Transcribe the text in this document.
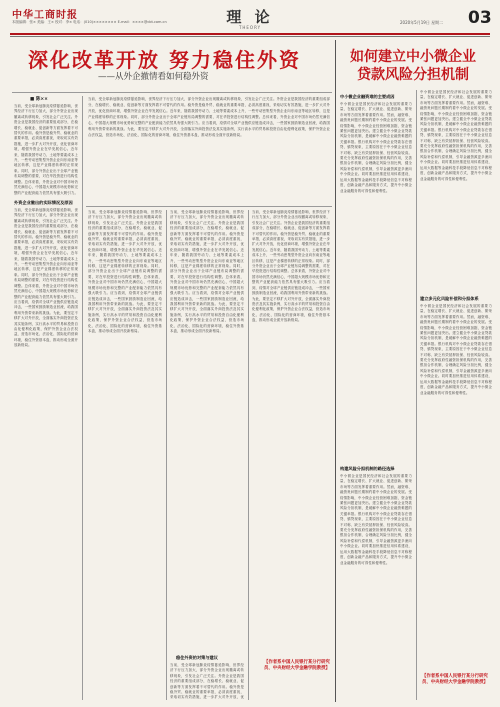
中华工商时报
本版编辑：张× 美编：王× 校对：李× 电话：(010)×××××××× E-mail：××××@cbt.com.cn	理 论
THEORY
2020年5月19日 星期二 03
深化改革开放 努力稳住外资
——从外企撤情看如何稳外资
■ 陈××
当前，受全球新冠肺炎疫情蔓延影响，世界经济下行压力加大，部分外资企业出现撤离或转移现象，引发社会广泛关注。外资企业是我国经济的重要组成部分，在稳增长、稳就业、促创新等方面发挥着不可替代的作用。稳外资是稳外贸、稳就业的重要举措，必须高度重视，采取切实有效措施，进一步扩大对外开放，优化营商环境，增强外资企业在华发展信心。近年来，随着我国劳动力、土地等要素成本上升，一些劳动密集型外资企业向东南亚等地区转移，这是产业梯度转移的正常现象。同时，部分外资企业出于全球产业链布局调整的需要，对在华投资进行结构性调整。总体来看，外资企业对中国市场仍然充满信心，中国超大规模市场优势和完整的产业配套能力依然具有强大吸引力。
外资企业撤出的实际情况及原因
当前，受全球新冠肺炎疫情蔓延影响，世界经济下行压力加大，部分外资企业出现撤离或转移现象，引发社会广泛关注。外资企业是我国经济的重要组成部分，在稳增长、稳就业、促创新等方面发挥着不可替代的作用。稳外资是稳外贸、稳就业的重要举措，必须高度重视，采取切实有效措施，进一步扩大对外开放，优化营商环境，增强外资企业在华发展信心。近年来，随着我国劳动力、土地等要素成本上升，一些劳动密集型外资企业向东南亚等地区转移，这是产业梯度转移的正常现象。同时，部分外资企业出于全球产业链布局调整的需要，对在华投资进行结构性调整。总体来看，外资企业对中国市场仍然充满信心，中国超大规模市场优势和完整的产业配套能力依然具有强大吸引力。应当看到，疫情对全球产业链供应链造成冲击，一些国家鼓励制造业回流，给我国利用外资带来新的挑战。为此，要坚定不移扩大对外开放，全面落实外商投资法及其实施条例，实行高水平的贸易和投资自由化便利化政策，保护外资企业合法权益，营造市场化、法治化、国际化的营商环境，稳住外资基本盘，推动形成全面开放新格局。
当前，受全球新冠肺炎疫情蔓延影响，世界经济下行压力加大，部分外资企业出现撤离或转移现象，引发社会广泛关注。外资企业是我国经济的重要组成部分，在稳增长、稳就业、促创新等方面发挥着不可替代的作用。稳外资是稳外贸、稳就业的重要举措，必须高度重视，采取切实有效措施，进一步扩大对外开放，优化营商环境，增强外资企业在华发展信心。近年来，随着我国劳动力、土地等要素成本上升，一些劳动密集型外资企业向东南亚等地区转移，这是产业梯度转移的正常现象。同时，部分外资企业出于全球产业链布局调整的需要，对在华投资进行结构性调整。总体来看，外资企业对中国市场仍然充满信心，中国超大规模市场优势和完整的产业配套能力依然具有强大吸引力。应当看到，疫情对全球产业链供应链造成冲击，一些国家鼓励制造业回流，给我国利用外资带来新的挑战。为此，要坚定不移扩大对外开放，全面落实外商投资法及其实施条例，实行高水平的贸易和投资自由化便利化政策，保护外资企业合法权益，营造市场化、法治化、国际化的营商环境，稳住外资基本盘，推动形成全面开放新格局。
当前，受全球新冠肺炎疫情蔓延影响，世界经济下行压力加大，部分外资企业出现撤离或转移现象，引发社会广泛关注。外资企业是我国经济的重要组成部分，在稳增长、稳就业、促创新等方面发挥着不可替代的作用。稳外资是稳外贸、稳就业的重要举措，必须高度重视，采取切实有效措施，进一步扩大对外开放，优化营商环境，增强外资企业在华发展信心。近年来，随着我国劳动力、土地等要素成本上升，一些劳动密集型外资企业向东南亚等地区转移，这是产业梯度转移的正常现象。同时，部分外资企业出于全球产业链布局调整的需要，对在华投资进行结构性调整。总体来看，外资企业对中国市场仍然充满信心，中国超大规模市场优势和完整的产业配套能力依然具有强大吸引力。应当看到，疫情对全球产业链供应链造成冲击，一些国家鼓励制造业回流，给我国利用外资带来新的挑战。为此，要坚定不移扩大对外开放，全面落实外商投资法及其实施条例，实行高水平的贸易和投资自由化便利化政策，保护外资企业合法权益，营造市场化、法治化、国际化的营商环境，稳住外资基本盘，推动形成全面开放新格局。
当前，受全球新冠肺炎疫情蔓延影响，世界经济下行压力加大，部分外资企业出现撤离或转移现象，引发社会广泛关注。外资企业是我国经济的重要组成部分，在稳增长、稳就业、促创新等方面发挥着不可替代的作用。稳外资是稳外贸、稳就业的重要举措，必须高度重视，采取切实有效措施，进一步扩大对外开放，优化营商环境，增强外资企业在华发展信心。近年来，随着我国劳动力、土地等要素成本上升，一些劳动密集型外资企业向东南亚等地区转移，这是产业梯度转移的正常现象。同时，部分外资企业出于全球产业链布局调整的需要，对在华投资进行结构性调整。总体来看，外资企业对中国市场仍然充满信心，中国超大规模市场优势和完整的产业配套能力依然具有强大吸引力。应当看到，疫情对全球产业链供应链造成冲击，一些国家鼓励制造业回流，给我国利用外资带来新的挑战。为此，要坚定不移扩大对外开放，全面落实外商投资法及其实施条例，实行高水平的贸易和投资自由化便利化政策，保护外资企业合法权益，营造市场化、法治化、国际化的营商环境，稳住外资基本盘，推动形成全面开放新格局。
稳住外资的对策与建议
当前，受全球新冠肺炎疫情蔓延影响，世界经济下行压力加大，部分外资企业出现撤离或转移现象，引发社会广泛关注。外资企业是我国经济的重要组成部分，在稳增长、稳就业、促创新等方面发挥着不可替代的作用。稳外资是稳外贸、稳就业的重要举措，必须高度重视，采取切实有效措施，进一步扩大对外开放，优
当前，受全球新冠肺炎疫情蔓延影响，世界经济下行压力加大，部分外资企业出现撤离或转移现象，引发社会广泛关注。外资企业是我国经济的重要组成部分，在稳增长、稳就业、促创新等方面发挥着不可替代的作用。稳外资是稳外贸、稳就业的重要举措，必须高度重视，采取切实有效措施，进一步扩大对外开放，优化营商环境，增强外资企业在华发展信心。近年来，随着我国劳动力、土地等要素成本上升，一些劳动密集型外资企业向东南亚等地区转移，这是产业梯度转移的正常现象。同时，部分外资企业出于全球产业链布局调整的需要，对在华投资进行结构性调整。总体来看，外资企业对中国市场仍然充满信心，中国超大规模市场优势和完整的产业配套能力依然具有强大吸引力。应当看到，疫情对全球产业链供应链造成冲击，一些国家鼓励制造业回流，给我国利用外资带来新的挑战。为此，要坚定不移扩大对外开放，全面落实外商投资法及其实施条例，实行高水平的贸易和投资自由化便利化政策，保护外资企业合法权益，营造市场化、法治化、国际化的营商环境，稳住外资基本盘，推动形成全面开放新格局。
如何建立中小微企业贷款风险分担机制
中小微企业融资难的主要成因
中小微企业是国民经济和社会发展的重要力量，在稳定增长、扩大就业、促进创新、繁荣市场等方面发挥着重要作用。然而，融资难、融资贵问题长期制约着中小微企业的发展。受疫情影响，中小微企业经营困难加剧，资金链紧张问题更加突出。建立健全中小微企业贷款风险分担机制，是破解中小微企业融资难题的关键举措。银行机构对中小微企业贷款存在惜贷、慎贷现象，主要原因在于中小微企业信息不对称、缺乏有效抵押担保、经营风险较高。要充分发挥政府性融资担保机构的作用，完善银担合作机制，合理确定风险分担比例，健全风险补偿和代偿机制，引导金融资源更多流向中小微企业。同时要加快推进信用体系建设，运用大数据等金融科技手段降低信息不对称程度，创新金融产品和服务方式，提升中小微企业金融服务的可得性和便利性。
构建风险分担机制的路径选择
中小微企业是国民经济和社会发展的重要力量，在稳定增长、扩大就业、促进创新、繁荣市场等方面发挥着重要作用。然而，融资难、融资贵问题长期制约着中小微企业的发展。受疫情影响，中小微企业经营困难加剧，资金链紧张问题更加突出。建立健全中小微企业贷款风险分担机制，是破解中小微企业融资难题的关键举措。银行机构对中小微企业贷款存在惜贷、慎贷现象，主要原因在于中小微企业信息不对称、缺乏有效抵押担保、经营风险较高。要充分发挥政府性融资担保机构的作用，完善银担合作机制，合理确定风险分担比例，健全风险补偿和代偿机制，引导金融资源更多流向中小微企业。同时要加快推进信用体系建设，运用大数据等金融科技手段降低信息不对称程度，创新金融产品和服务方式，提升中小微企业金融服务的可得性和便利性。
中小微企业是国民经济和社会发展的重要力量，在稳定增长、扩大就业、促进创新、繁荣市场等方面发挥着重要作用。然而，融资难、融资贵问题长期制约着中小微企业的发展。受疫情影响，中小微企业经营困难加剧，资金链紧张问题更加突出。建立健全中小微企业贷款风险分担机制，是破解中小微企业融资难题的关键举措。银行机构对中小微企业贷款存在惜贷、慎贷现象，主要原因在于中小微企业信息不对称、缺乏有效抵押担保、经营风险较高。要充分发挥政府性融资担保机构的作用，完善银担合作机制，合理确定风险分担比例，健全风险补偿和代偿机制，引导金融资源更多流向中小微企业。同时要加快推进信用体系建设，运用大数据等金融科技手段降低信息不对称程度，创新金融产品和服务方式，提升中小微企业金融服务的可得性和便利性。
建立多元化风险补偿和分担体系
中小微企业是国民经济和社会发展的重要力量，在稳定增长、扩大就业、促进创新、繁荣市场等方面发挥着重要作用。然而，融资难、融资贵问题长期制约着中小微企业的发展。受疫情影响，中小微企业经营困难加剧，资金链紧张问题更加突出。建立健全中小微企业贷款风险分担机制，是破解中小微企业融资难题的关键举措。银行机构对中小微企业贷款存在惜贷、慎贷现象，主要原因在于中小微企业信息不对称、缺乏有效抵押担保、经营风险较高。要充分发挥政府性融资担保机构的作用，完善银担合作机制，合理确定风险分担比例，健全风险补偿和代偿机制，引导金融资源更多流向中小微企业。同时要加快推进信用体系建设，运用大数据等金融科技手段降低信息不对称程度，创新金融产品和服务方式，提升中小微企业金融服务的可得性和便利性。
【作者系中国人民银行某分行研究员、中央财经大学金融学院教授】
【作者系中国人民银行某分行研究员、中央财经大学金融学院教授】
